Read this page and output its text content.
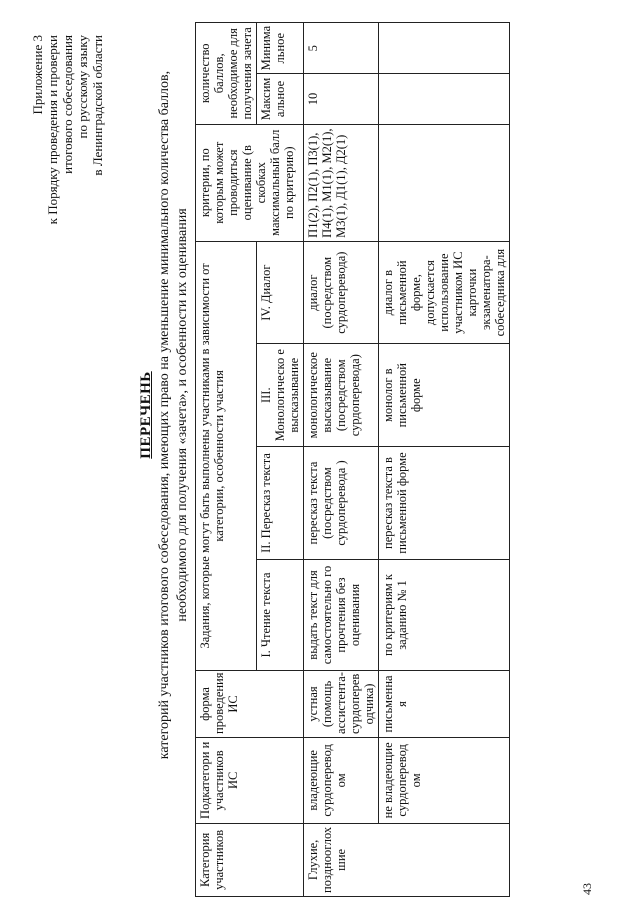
Приложение 3 к Порядку проведения и проверки итогового собеседования по русскому языку в Ленинградской области
43
ПЕРЕЧЕНЬ категорий участников итогового собеседования, имеющих право на уменьшение минимального количества баллов, необходимого для получения «зачета», и особенности их оценивания
Категория участников	Подкатегори и участников ИС	форма проведения ИС	Задания, которые могут быть выполнены участниками в зависимости от категории, особенности участия				критерии, по которым может проводиться оценивание (в скобках максимальный балл по критерию)	количество баллов, необходимое для получения зачета	
			I. Чтение текста	II. Пересказ текста	III. Монологическо е высказывание	IV. Диалог		Максим альное	Минима льное
Глухие, позднооглох шие	владеющие сурдоперевод ом	устная (помощь ассистента-сурдоперев одчика)	выдать текст для самостоятельно го прочтения без оценивания	пересказ текста (посредством сурдоперевода )	монологическое высказывание (посредством сурдоперевода)	диалог (посредством сурдоперевода)	П1(2), П2(1), П3(1), П4(1), М1(1), М2(1), М3(1), Д1(1), Д2(1)	10	5
	не владеющие сурдоперевод ом	письменна я	по критериям к заданию № 1	пересказ текста в письменной форме	монолог в письменной форме	диалог в письменной форме, допускается использование участником ИС карточки экзаменатора-собеседника для			
